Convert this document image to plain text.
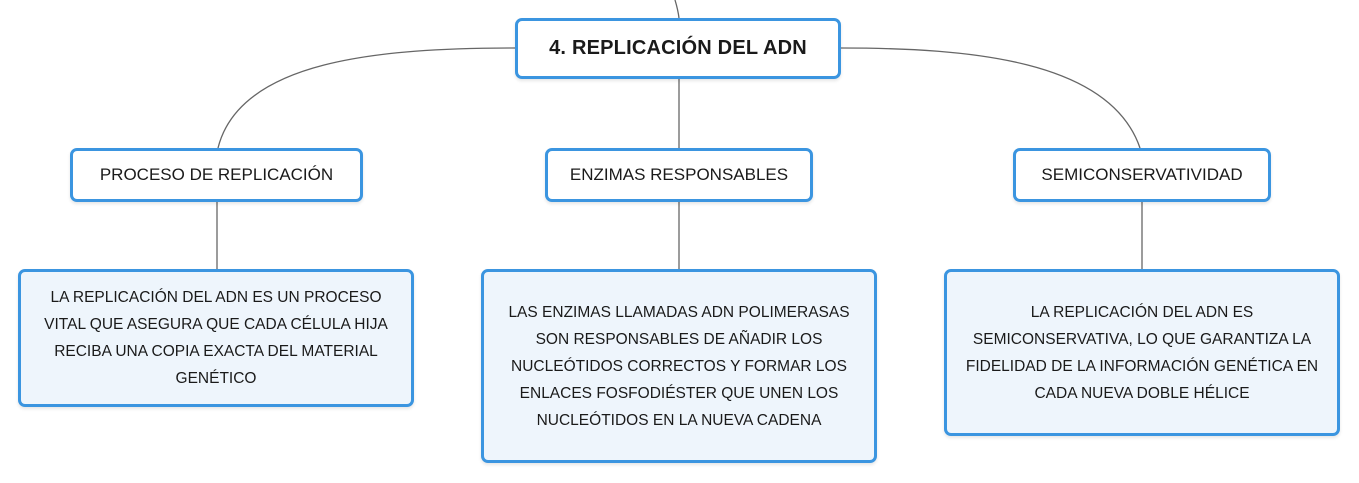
4. REPLICACIÓN DEL ADN
PROCESO DE REPLICACIÓN	ENZIMAS RESPONSABLES	SEMICONSERVATIVIDAD
LA REPLICACIÓN DEL ADN ES UN PROCESO VITAL QUE ASEGURA QUE CADA CÉLULA HIJA RECIBA UNA COPIA EXACTA DEL MATERIAL GENÉTICO
LAS ENZIMAS LLAMADAS ADN POLIMERASAS SON RESPONSABLES DE AÑADIR LOS NUCLEÓTIDOS CORRECTOS Y FORMAR LOS ENLACES FOSFODIÉSTER QUE UNEN LOS NUCLEÓTIDOS EN LA NUEVA CADENA
LA REPLICACIÓN DEL ADN ES SEMICONSERVATIVA, LO QUE GARANTIZA LA FIDELIDAD DE LA INFORMACIÓN GENÉTICA EN CADA NUEVA DOBLE HÉLICE
